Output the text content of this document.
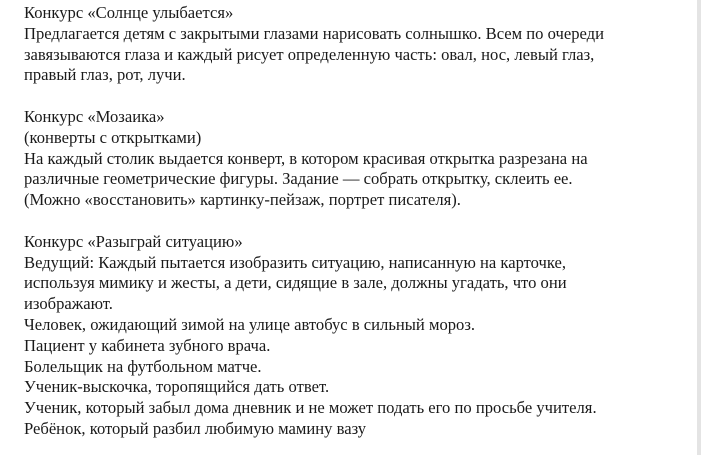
Конкурс «Солнце улыбается»
Предлагается детям с закрытыми глазами нарисовать солнышко. Всем по очереди
завязываются глаза и каждый рисует определенную часть: овал, нос, левый глаз,
правый глаз, рот, лучи.
Конкурс «Мозаика»
(конверты с открытками)
На каждый столик выдается конверт, в котором красивая открытка разрезана на
различные геометрические фигуры. Задание — собрать открытку, склеить ее.
(Можно «восстановить» картинку-пейзаж, портрет писателя).
Конкурс «Разыграй ситуацию»
Ведущий: Каждый пытается изобразить ситуацию, написанную на карточке,
используя мимику и жесты, а дети, сидящие в зале, должны угадать, что они
изображают.
Человек, ожидающий зимой на улице автобус в сильный мороз.
Пациент у кабинета зубного врача.
Болельщик на футбольном матче.
Ученик-выскочка, торопящийся дать ответ.
Ученик, который забыл дома дневник и не может подать его по просьбе учителя.
Ребёнок, который разбил любимую мамину вазу
